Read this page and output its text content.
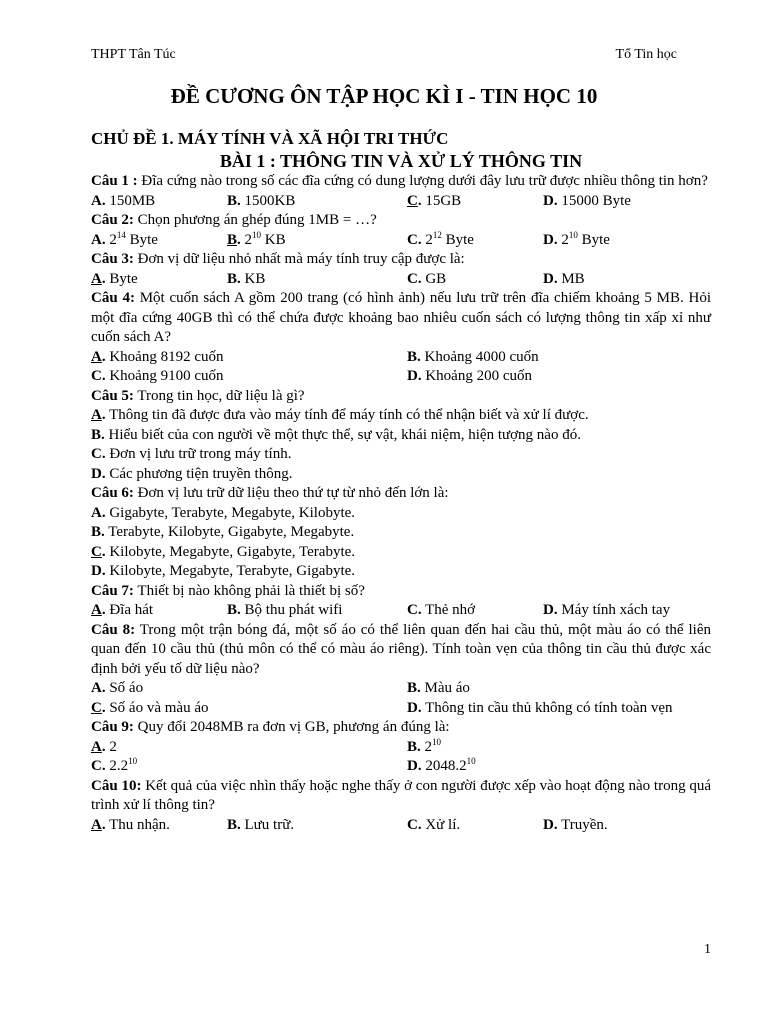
THPT Tân Túc	Tổ Tin học
ĐỀ CƯƠNG ÔN TẬP HỌC KÌ I - TIN HỌC 10
CHỦ ĐỀ 1. MÁY TÍNH VÀ XÃ HỘI TRI THỨC
BÀI 1 : THÔNG TIN VÀ XỬ LÝ THÔNG TIN
Câu 1 : Đĩa cứng nào trong số các đĩa cứng có dung lượng dưới đây lưu trữ được nhiều thông tin hơn?
A. 150MB	B. 1500KB	C. 15GB	D. 15000 Byte
Câu 2: Chọn phương án ghép đúng 1MB = …?
A. $2^{14}$ Byte	B. $2^{10}$ KB	C. $2^{12}$ Byte	D. $2^{10}$ Byte
Câu 3: Đơn vị dữ liệu nhỏ nhất mà máy tính truy cập được là:
A. Byte	B. KB	C. GB	D. MB
Câu 4: Một cuốn sách A gồm 200 trang (có hình ảnh) nếu lưu trữ trên đĩa chiếm khoảng 5 MB. Hỏi một đĩa cứng 40GB thì có thể chứa được khoảng bao nhiêu cuốn sách có lượng thông tin xấp xỉ như cuốn sách A?
A. Khoảng 8192 cuốn	B. Khoảng 4000 cuốn
C. Khoảng 9100 cuốn	D. Khoảng 200 cuốn
Câu 5: Trong tin học, dữ liệu là gì?
A. Thông tin đã được đưa vào máy tính để máy tính có thể nhận biết và xử lí được.
B. Hiểu biết của con người về một thực thể, sự vật, khái niệm, hiện tượng nào đó.
C. Đơn vị lưu trữ trong máy tính.
D. Các phương tiện truyền thông.
Câu 6: Đơn vị lưu trữ dữ liệu theo thứ tự từ nhỏ đến lớn là:
A. Gigabyte, Terabyte, Megabyte, Kilobyte.
B. Terabyte, Kilobyte, Gigabyte, Megabyte.
C. Kilobyte, Megabyte, Gigabyte, Terabyte.
D. Kilobyte, Megabyte, Terabyte, Gigabyte.
Câu 7: Thiết bị nào không phải là thiết bị số?
A. Đĩa hát	B. Bộ thu phát wifi	C. Thẻ nhớ	D. Máy tính xách tay
Câu 8: Trong một trận bóng đá, một số áo có thể liên quan đến hai cầu thủ, một màu áo có thể liên quan đến 10 cầu thủ (thủ môn có thể có màu áo riêng). Tính toàn vẹn của thông tin cầu thủ được xác định bởi yếu tố dữ liệu nào?
A. Số áo	B. Màu áo
C. Số áo và màu áo	D. Thông tin cầu thủ không có tính toàn vẹn
Câu 9: Quy đổi 2048MB ra đơn vị GB, phương án đúng là:
A. 2	B. $2^{10}$
C. $2.2^{10}$	D. 2048.2$^{10}$
Câu 10: Kết quả của việc nhìn thấy hoặc nghe thấy ở con người được xếp vào hoạt động nào trong quá trình xử lí thông tin?
A. Thu nhận.	B. Lưu trữ.	C. Xử lí.	D. Truyền.
1
